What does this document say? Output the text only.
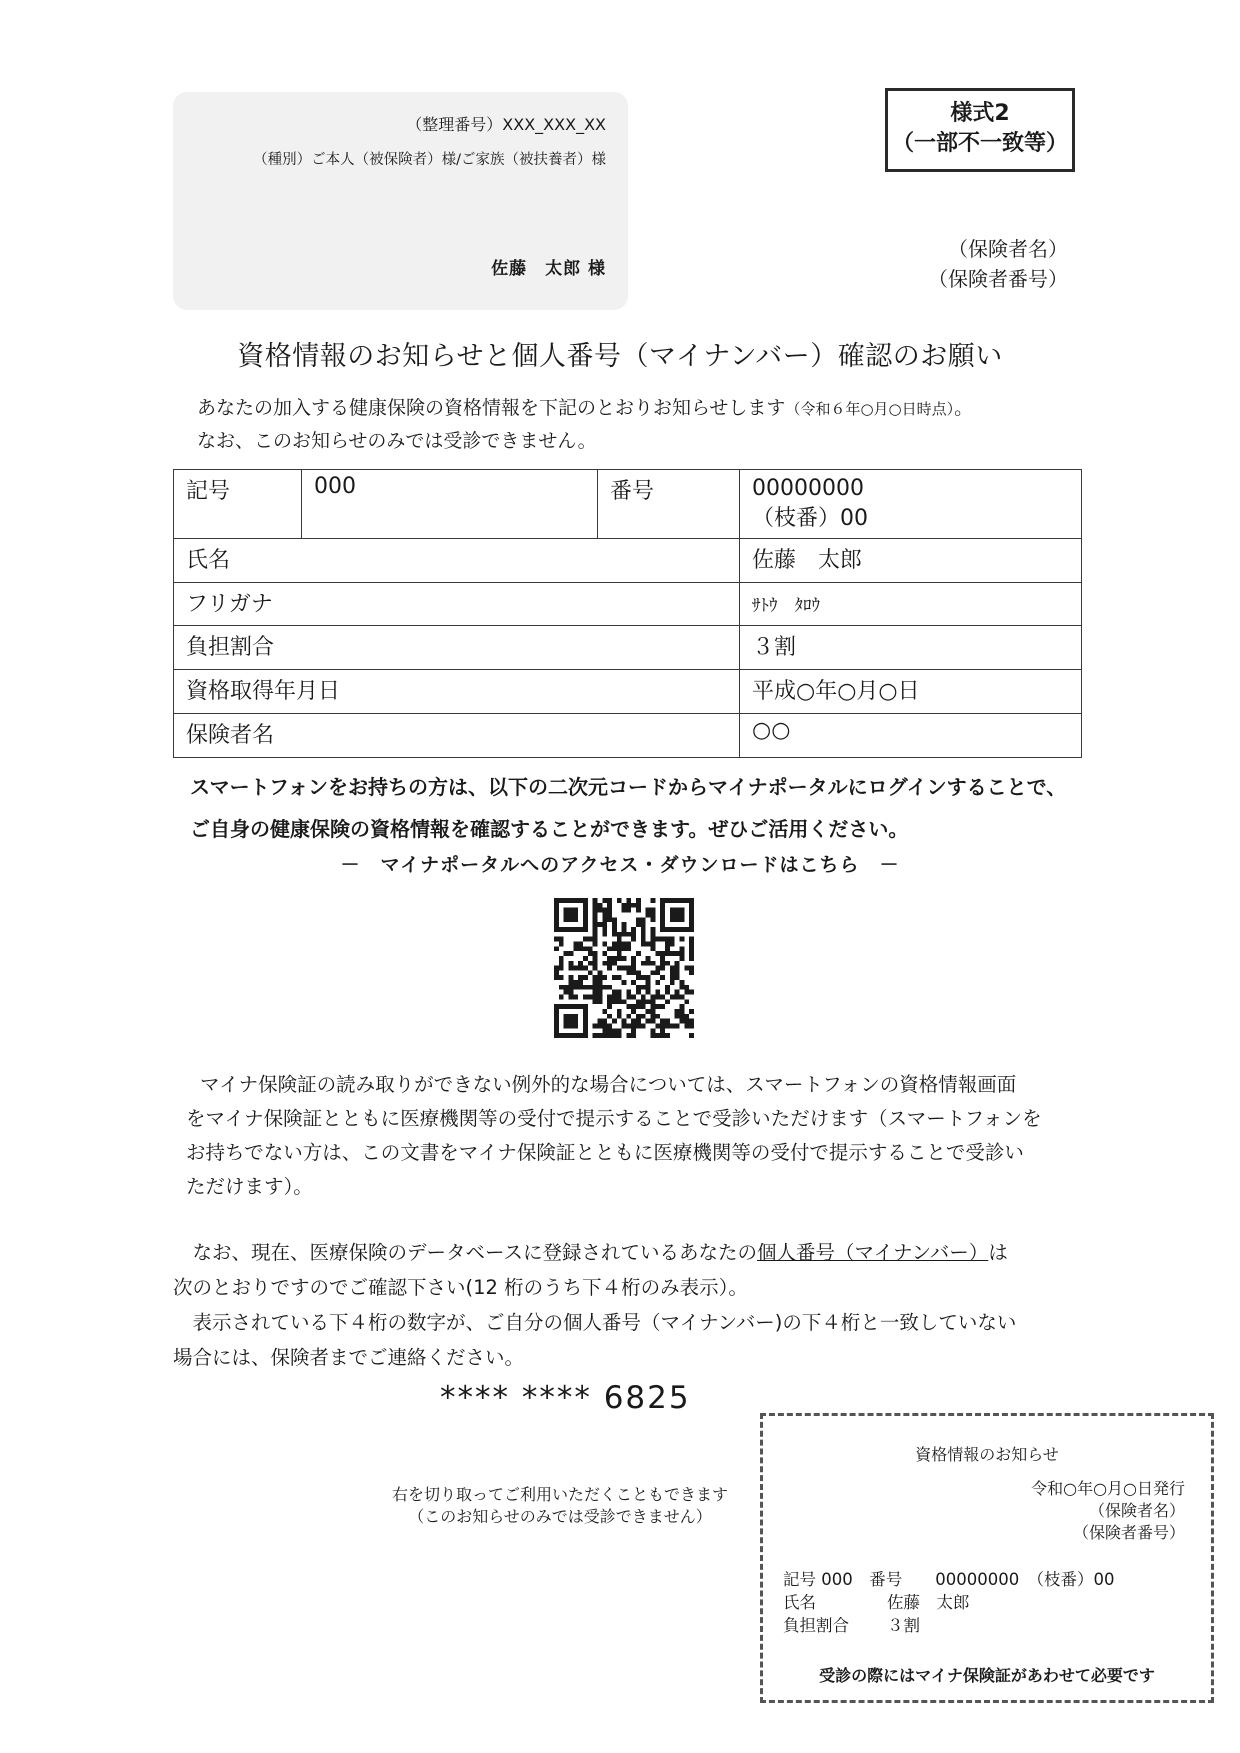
（整理番号）XXX_XXX_XX
（種別）ご本人（被保険者）様/ご家族（被扶養者）様
佐藤　太郎 様
様式2
（一部不一致等）
（保険者名）
（保険者番号）
資格情報のお知らせと個人番号（マイナンバー）確認のお願い
あなたの加入する健康保険の資格情報を下記のとおりお知らせします（令和６年○月○日時点）。
なお、このお知らせのみでは受診できません。
記号	000	番号	00000000
（枝番）00

氏名			佐藤　太郎
フリガナ			ｻﾄｳ　ﾀﾛｳ
負担割合			３割
資格取得年月日			平成○年○月○日
保険者名			○○
スマートフォンをお持ちの方は、以下の二次元コードからマイナポータルにログインすることで、
ご自身の健康保険の資格情報を確認することができます。ぜひご活用ください。
－　マイナポータルへのアクセス・ダウンロードはこちら　－
マイナ保険証の読み取りができない例外的な場合については、スマートフォンの資格情報画面
をマイナ保険証とともに医療機関等の受付で提示することで受診いただけます（スマートフォンを
お持ちでない方は、この文書をマイナ保険証とともに医療機関等の受付で提示することで受診い
ただけます）。
　なお、現在、医療保険のデータベースに登録されているあなたの個人番号（マイナンバー）は
次のとおりですのでご確認下さい(12 桁のうち下４桁のみ表示）。
　表示されている下４桁の数字が、ご自分の個人番号（マイナンバー)の下４桁と一致していない
場合には、保険者までご連絡ください。
**** **** 6825
右を切り取ってご利用いただくこともできます
（このお知らせのみでは受診できません）
資格情報のお知らせ
令和○年○月○日発行
（保険者名）
（保険者番号）
記号 000　番号　　00000000　（枝番）00
氏名	佐藤　太郎
負担割合 ３割
受診の際にはマイナ保険証があわせて必要です
